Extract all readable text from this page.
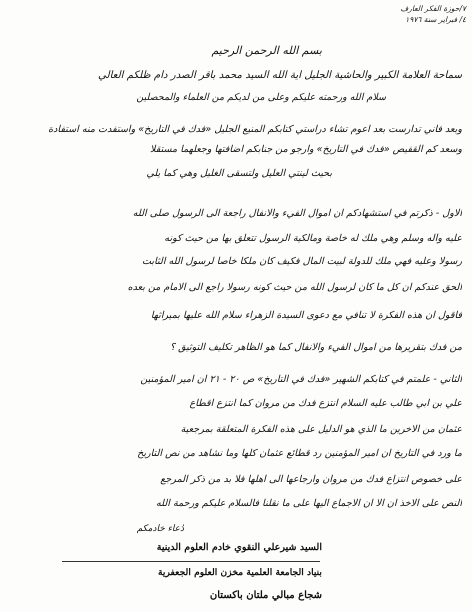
٧/حوزة الفكر العارف
٤/ فبراير سنة ١٩٧٦
بسم الله الرحمن الرحيم
سماحة العلامة الكبير والحاشية الجليل آية الله السيد محمد باقر الصدر دام ظلكم العالي
سلام الله ورحمته عليكم وعلى من لديكم من العلماء والمحصلين
وبعد فاني تدارست بعد اعوم تشاء دراستي كتابكم المنيع الجليل «فدك في التاريخ» واستفدت منه استفادة
وسعد كم القفيص «فدك في التاريخ» وارجو من جنابكم اضافتها وجعلهما مستقلا
بحيث لينتي العليل ولتسقى الغليل وهي كما يلي
الاول - ذكرتم في استشهادكم ان اموال الفيء والانفال راجعة الى الرسول صلى الله
عليه وآله وسلم وهي ملك له خاصة ومالكية الرسول تتعلق بها من حيث كونه
رسولا وعليه فهي ملك للدولة لبيت المال فكيف كان ملكا خاصا لرسول الله الثابت
الحق عندكم ان كل ما كان لرسول الله من حيث كونه رسولا راجع الى الامام من بعده
فاقول ان هذه الفكرة لا تنافي مع دعوى السيدة الزهراء سلام الله عليها بميراثها
من فدك بتقريرها من اموال الفيء والانفال كما هو الظاهر تكليف التوثيق ؟
الثاني - علمتم في كتابكم الشهير «فدك في التاريخ» ص ٢٠ - ٢١ ان امير المؤمنين
علي بن ابي طالب عليه السلام انتزع فدك من مروان كما انتزع اقطاع
عثمان من الاخرين ما الذي هو الدليل على هذه الفكرة المتعلقة بمرجعية
ما ورد في التاريخ ان امير المؤمنين رد قطائع عثمان كلها وما نشاهد من نص التاريخ
على خصوص انتزاع فدك من مروان وارجاعها الى اهلها فلا بد من ذكر المرجع
النص على الاخذ ان الا ان الاجماع اليها على ما نقلنا فالسلام عليكم ورحمة الله
دُعاء خادمكم
السيد شيرعلي النقوي خادم العلوم الدينية
بنياد الجامعة العلمية مخزن العلوم الجعفرية
شجاع مبالي ملتان باكستان
